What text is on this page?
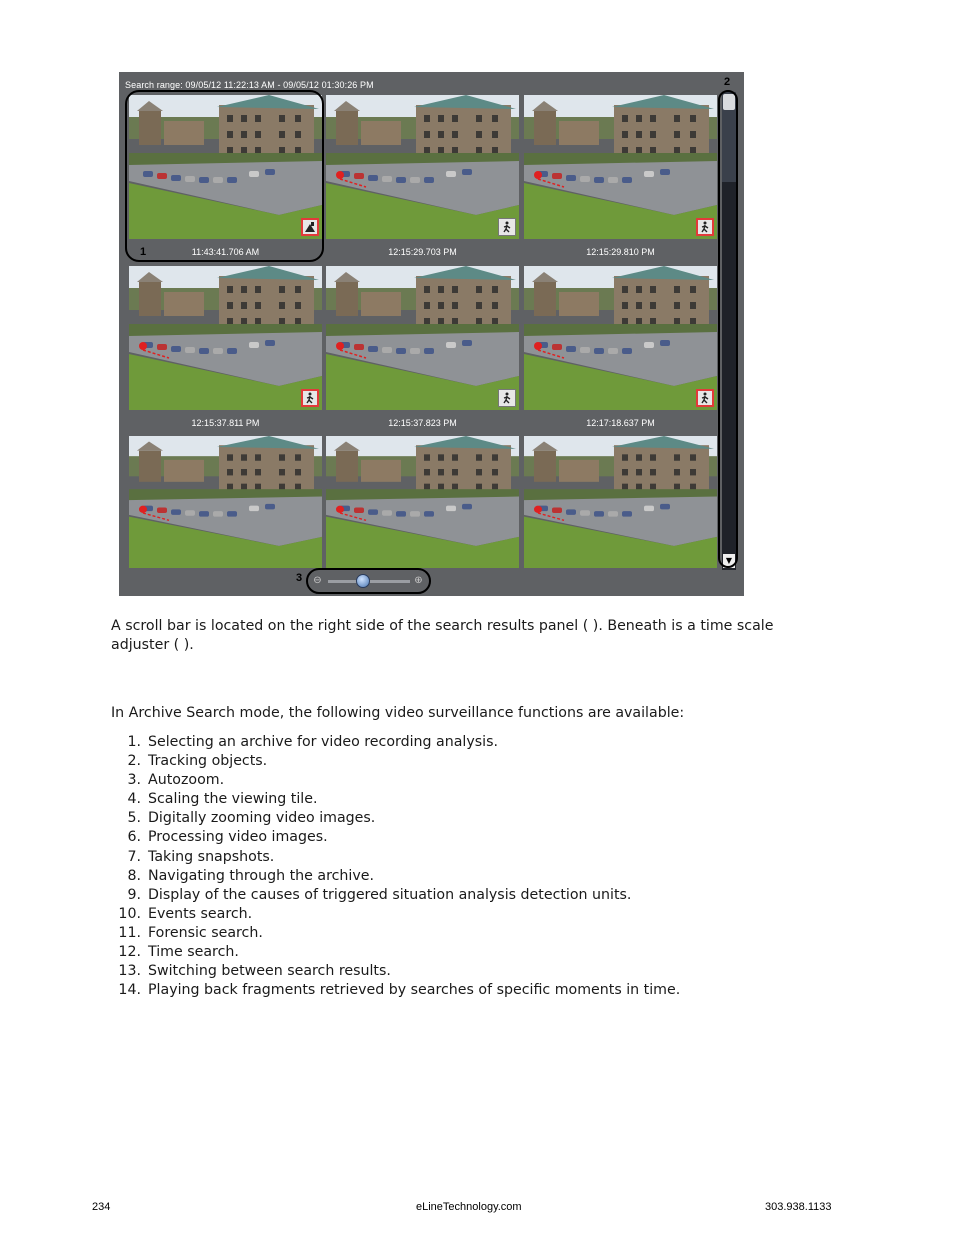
Search range: 09/05/12 11:22:13 AM - 09/05/12 01:30:26 PM
11:43:41.706 AM	12:15:29.703 PM	12:15:29.810 PM
12:15:37.811 PM	12:15:37.823 PM	12:17:18.637 PM
1
▼
2
3 ⊖	⊕
A scroll bar is located on the right side of the search results panel ( ). Beneath is a time scale
adjuster ( ).
In Archive Search mode, the following video surveillance functions are available:
1. Selecting an archive for video recording analysis.
2. Tracking objects.
3. Autozoom.
4. Scaling the viewing tile.
5. Digitally zooming video images.
6. Processing video images.
7. Taking snapshots.
8. Navigating through the archive.
9. Display of the causes of triggered situation analysis detection units.
10. Events search.
11. Forensic search.
12. Time search.
13. Switching between search results.
14. Playing back fragments retrieved by searches of specific moments in time.
234	eLineTechnology.com	303.938.1133
